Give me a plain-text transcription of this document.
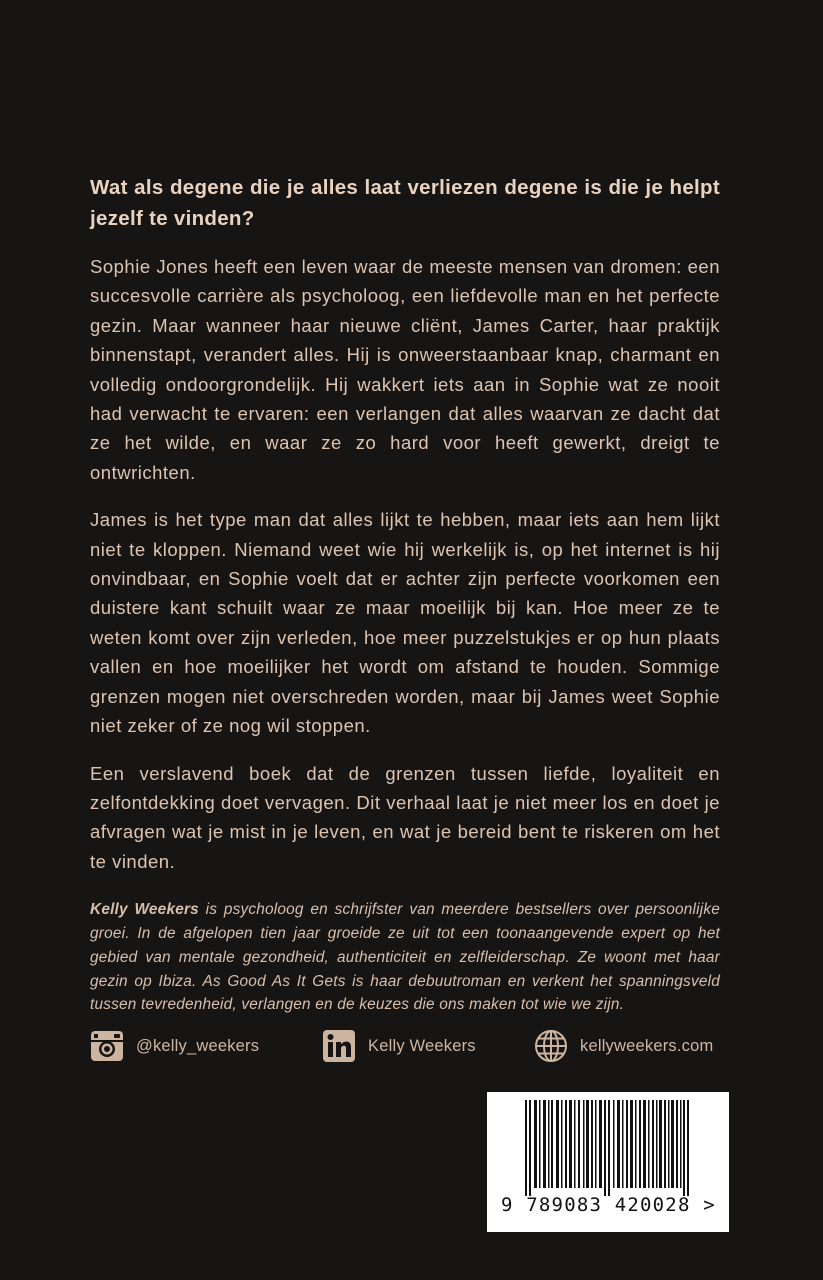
Wat als degene die je alles laat verliezen degene is die je helpt jezelf te vinden?

Sophie Jones heeft een leven waar de meeste mensen van dromen: een succesvolle carrière als psycholoog, een liefdevolle man en het perfecte gezin. Maar wanneer haar nieuwe cliënt, James Carter, haar praktijk binnenstapt, verandert alles. Hij is onweerstaanbaar knap, charmant en volledig ondoorgrondelijk. Hij wakkert iets aan in Sophie wat ze nooit had verwacht te ervaren: een verlangen dat alles waarvan ze dacht dat ze het wilde, en waar ze zo hard voor heeft gewerkt, dreigt te ontwrichten.

James is het type man dat alles lijkt te hebben, maar iets aan hem lijkt niet te kloppen. Niemand weet wie hij werkelijk is, op het internet is hij onvindbaar, en Sophie voelt dat er achter zijn perfecte voorkomen een duistere kant schuilt waar ze maar moeilijk bij kan. Hoe meer ze te weten komt over zijn verleden, hoe meer puzzelstukjes er op hun plaats vallen en hoe moeilijker het wordt om afstand te houden. Sommige grenzen mogen niet overschreden worden, maar bij James weet Sophie niet zeker of ze nog wil stoppen.

Een verslavend boek dat de grenzen tussen liefde, loyaliteit en zelfontdekking doet vervagen. Dit verhaal laat je niet meer los en doet je afvragen wat je mist in je leven, en wat je bereid bent te riskeren om het te vinden.

Kelly Weekers is psycholoog en schrijfster van meerdere bestsellers over persoonlijke groei. In de afgelopen tien jaar groeide ze uit tot een toonaangevende expert op het gebied van mentale gezondheid, authenticiteit en zelfleiderschap. Ze woont met haar gezin op Ibiza. As Good As It Gets is haar debuutroman en verkent het spanningsveld tussen tevredenheid, verlangen en de keuzes die ons maken tot wie we zijn.

@kelly_weekers	Kelly Weekers	kellyweekers.com
9 789083 420028 >
